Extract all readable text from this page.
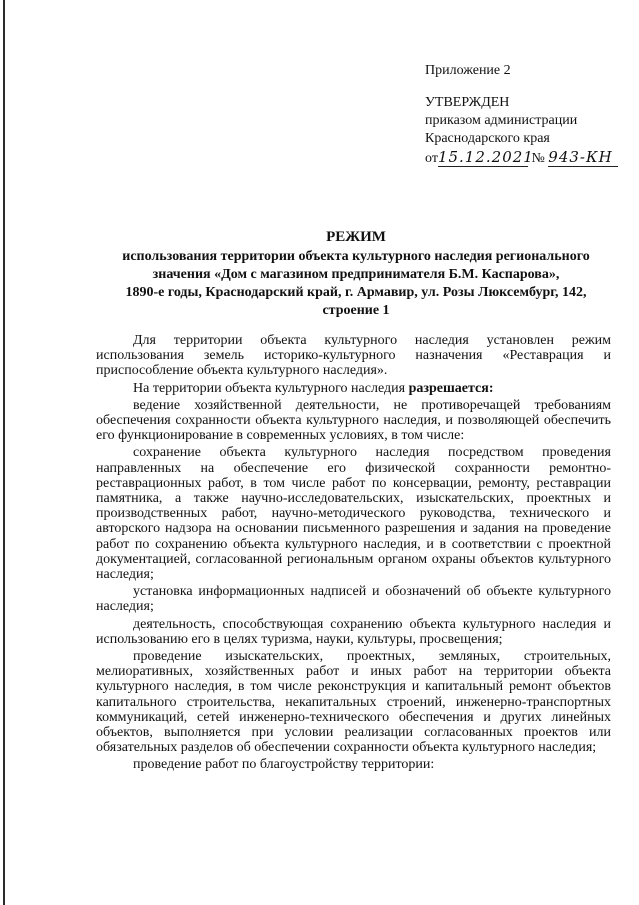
Приложение 2
УТВЕРЖДЕН
приказом администрации
Краснодарского края
от15.12.2021 № 943-КН
РЕЖИМ
использования территории объекта культурного наследия регионального
значения «Дом с магазином предпринимателя Б.М. Каспарова»,
1890-е годы, Краснодарский край, г. Армавир, ул. Розы Люксембург, 142,
строение 1

Для территории объекта культурного наследия установлен режим использования земель историко-культурного назначения «Реставрация и приспособление объекта культурного наследия».

На территории объекта культурного наследия разрешается:

ведение хозяйственной деятельности, не противоречащей требованиям обеспечения сохранности объекта культурного наследия, и позволяющей обеспечить его функционирование в современных условиях, в том числе:

сохранение объекта культурного наследия посредством проведения направленных на обеспечение его физической сохранности ремонтно-реставрационных работ, в том числе работ по консервации, ремонту, реставрации памятника, а также научно-исследовательских, изыскательских, проектных и производственных работ, научно-методического руководства, технического и авторского надзора на основании письменного разрешения и задания на проведение работ по сохранению объекта культурного наследия, и в соответствии с проектной документацией, согласованной региональным органом охраны объектов культурного наследия;

установка информационных надписей и обозначений об объекте культурного наследия;

деятельность, способствующая сохранению объекта культурного наследия и использованию его в целях туризма, науки, культуры, просвещения;

проведение изыскательских, проектных, земляных, строительных, мелиоративных, хозяйственных работ и иных работ на территории объекта культурного наследия, в том числе реконструкция и капитальный ремонт объектов капитального строительства, некапитальных строений, инженерно-транспортных коммуникаций, сетей инженерно-технического обеспечения и других линейных объектов, выполняется при условии реализации согласованных проектов или обязательных разделов об обеспечении сохранности объекта культурного наследия;

проведение работ по благоустройству территории:
